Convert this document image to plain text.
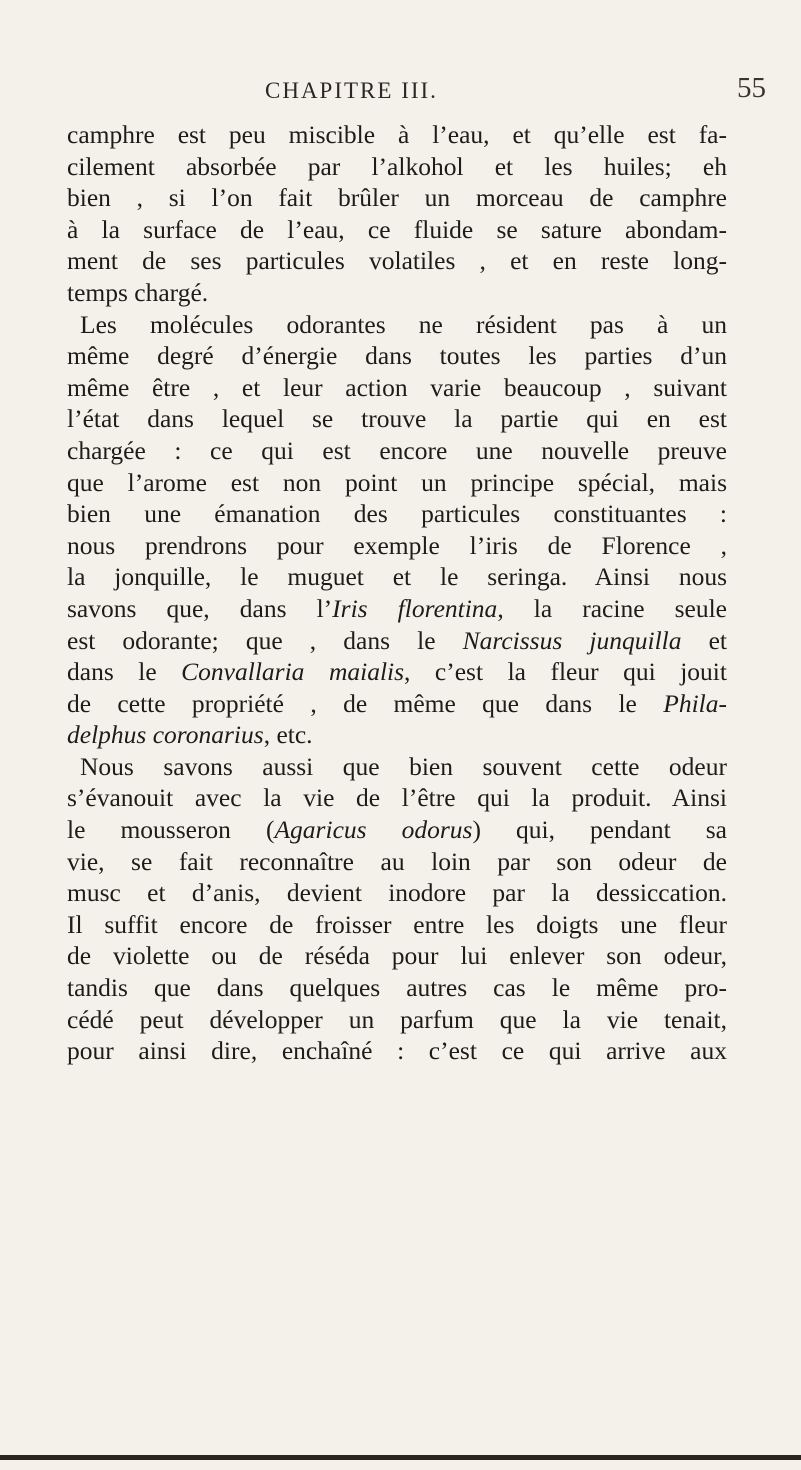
CHAPITRE III.	55
camphre est peu miscible à l’eau, et qu’elle est fa-
cilement absorbée par l’alkohol et les huiles; eh
bien , si l’on fait brûler un morceau de camphre
à la surface de l’eau, ce fluide se sature abondam-
ment de ses particules volatiles , et en reste long-
temps chargé.
Les molécules odorantes ne résident pas à un
même degré d’énergie dans toutes les parties d’un
même être , et leur action varie beaucoup , suivant
l’état dans lequel se trouve la partie qui en est
chargée : ce qui est encore une nouvelle preuve
que l’arome est non point un principe spécial, mais
bien une émanation des particules constituantes :
nous prendrons pour exemple l’iris de Florence ,
la jonquille, le muguet et le seringa. Ainsi nous
savons que, dans l’Iris florentina, la racine seule
est odorante; que , dans le Narcissus junquilla et
dans le Convallaria maialis, c’est la fleur qui jouit
de cette propriété , de même que dans le Phila-
delphus coronarius, etc.
Nous savons aussi que bien souvent cette odeur
s’évanouit avec la vie de l’être qui la produit. Ainsi
le mousseron (Agaricus odorus) qui, pendant sa
vie, se fait reconnaître au loin par son odeur de
musc et d’anis, devient inodore par la dessiccation.
Il suffit encore de froisser entre les doigts une fleur
de violette ou de réséda pour lui enlever son odeur,
tandis que dans quelques autres cas le même pro-
cédé peut développer un parfum que la vie tenait,
pour ainsi dire, enchaîné : c’est ce qui arrive aux
